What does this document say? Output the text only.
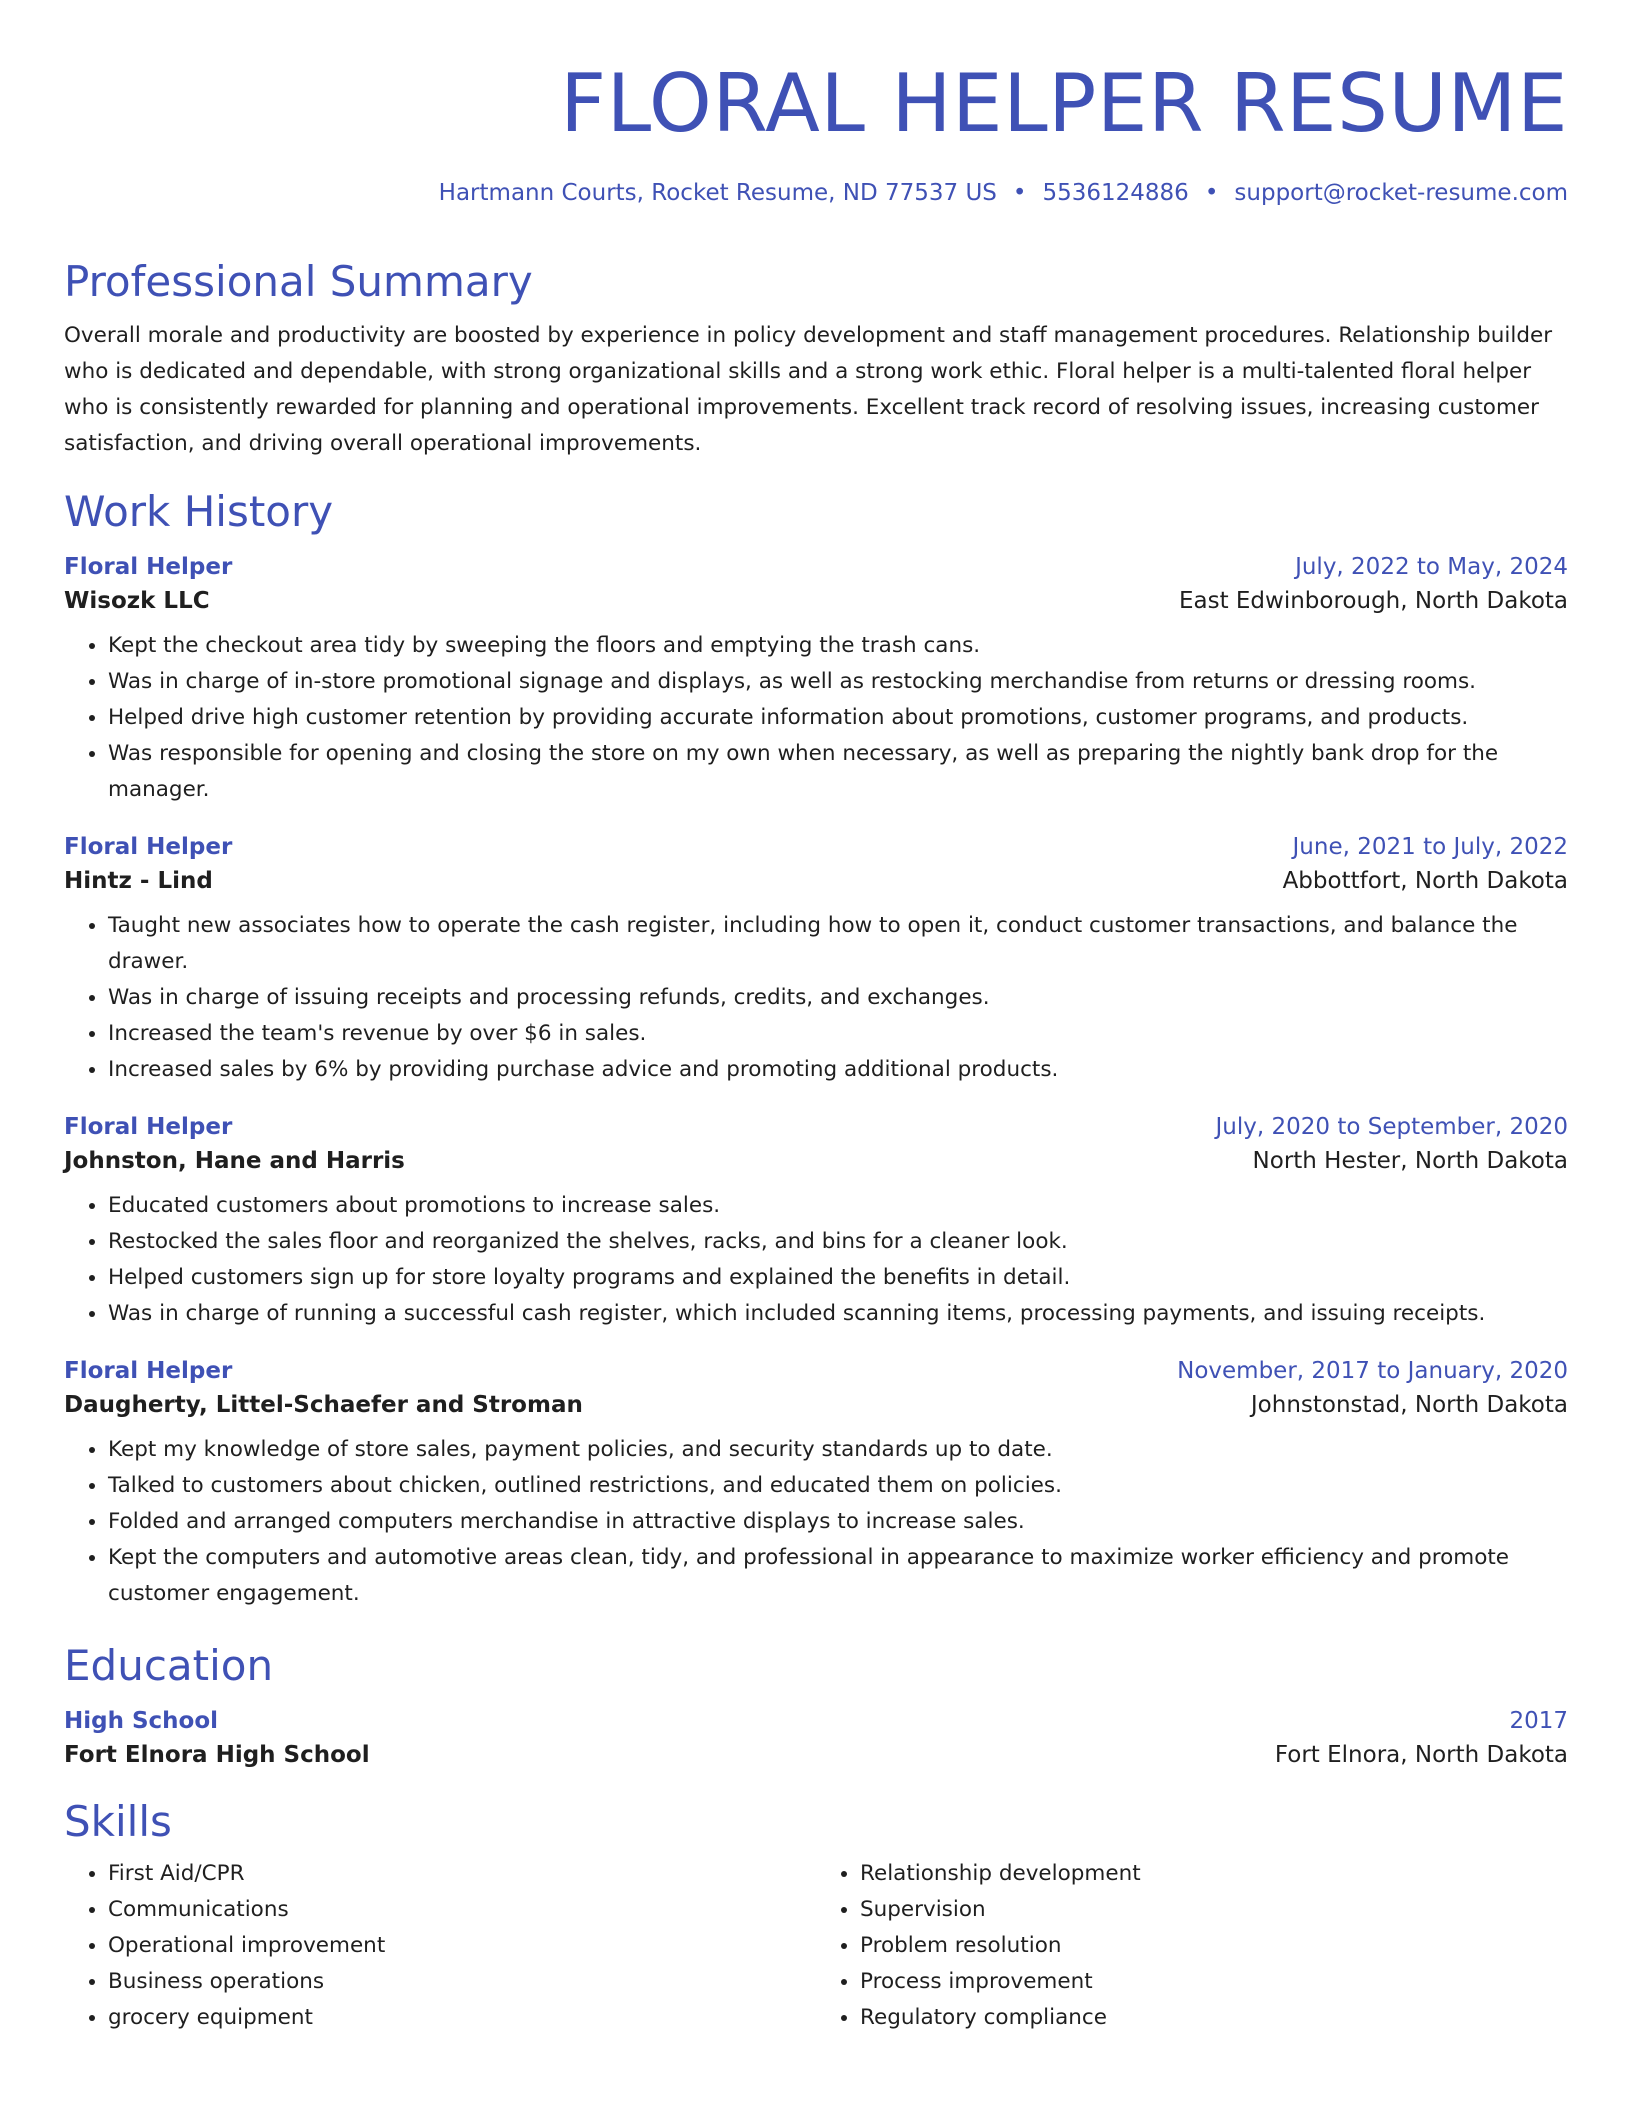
FLORAL HELPER RESUME
Hartmann Courts, Rocket Resume, ND 77537 US • 5536124886 • support@rocket-resume.com
Professional Summary

Overall morale and productivity are boosted by experience in policy development and staff management procedures. Relationship builder who is dedicated and dependable, with strong organizational skills and a strong work ethic. Floral helper is a multi-talented floral helper who is consistently rewarded for planning and operational improvements. Excellent track record of resolving issues, increasing customer satisfaction, and driving overall operational improvements.

Work History
Floral Helper	July, 2022 to May, 2024
Wisozk LLC	East Edwinborough, North Dakota
• Kept the checkout area tidy by sweeping the floors and emptying the trash cans.
• Was in charge of in-store promotional signage and displays, as well as restocking merchandise from returns or dressing rooms.
• Helped drive high customer retention by providing accurate information about promotions, customer programs, and products.
• Was responsible for opening and closing the store on my own when necessary, as well as preparing the nightly bank drop for the manager.
Floral Helper	June, 2021 to July, 2022
Hintz - Lind	Abbottfort, North Dakota
• Taught new associates how to operate the cash register, including how to open it, conduct customer transactions, and balance the drawer.
• Was in charge of issuing receipts and processing refunds, credits, and exchanges.
• Increased the team's revenue by over $6 in sales.
• Increased sales by 6% by providing purchase advice and promoting additional products.
Floral Helper	July, 2020 to September, 2020
Johnston, Hane and Harris	North Hester, North Dakota
• Educated customers about promotions to increase sales.
• Restocked the sales floor and reorganized the shelves, racks, and bins for a cleaner look.
• Helped customers sign up for store loyalty programs and explained the benefits in detail.
• Was in charge of running a successful cash register, which included scanning items, processing payments, and issuing receipts.
Floral Helper	November, 2017 to January, 2020
Daugherty, Littel-Schaefer and Stroman	Johnstonstad, North Dakota
• Kept my knowledge of store sales, payment policies, and security standards up to date.
• Talked to customers about chicken, outlined restrictions, and educated them on policies.
• Folded and arranged computers merchandise in attractive displays to increase sales.
• Kept the computers and automotive areas clean, tidy, and professional in appearance to maximize worker efficiency and promote customer engagement.
Education
High School	2017
Fort Elnora High School	Fort Elnora, North Dakota
Skills
• First Aid/CPR
• Communications
• Operational improvement
• Business operations
• grocery equipment
• Relationship development
• Supervision
• Problem resolution
• Process improvement
• Regulatory compliance
